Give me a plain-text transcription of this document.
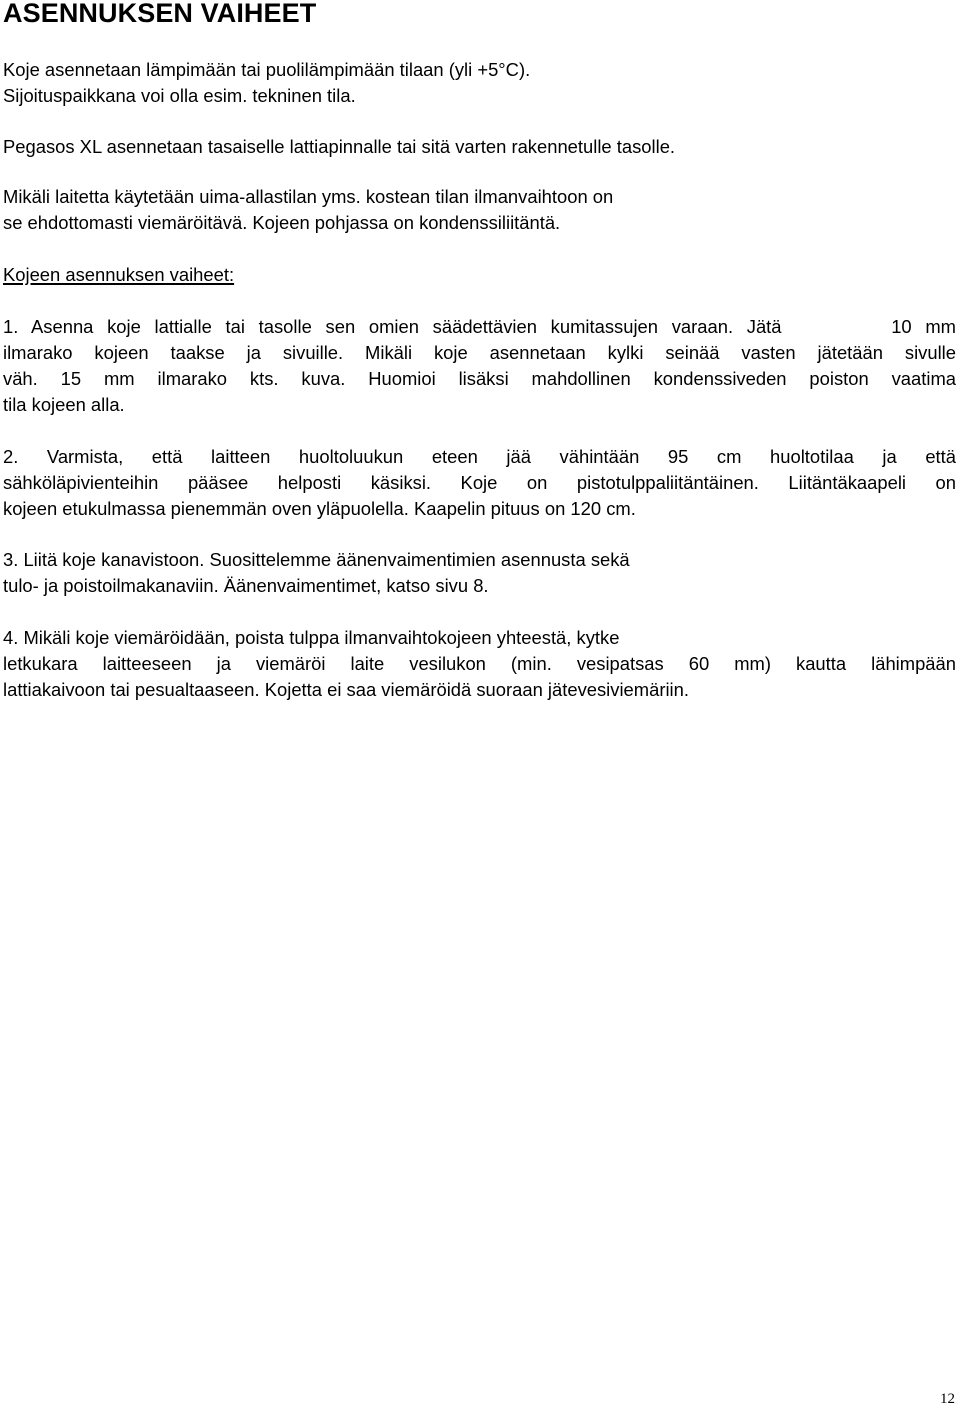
ASENNUKSEN VAIHEET

Koje asennetaan lämpimään tai puolilämpimään tilaan (yli +5°C).

Sijoituspaikkana voi olla esim. tekninen tila.

Pegasos XL asennetaan tasaiselle lattiapinnalle tai sitä varten rakennetulle tasolle.

Mikäli laitetta käytetään uima-allastilan yms. kostean tilan ilmanvaihtoon on

se ehdottomasti viemäröitävä. Kojeen pohjassa on kondenssiliitäntä.

Kojeen asennuksen vaiheet:

1. Asenna koje lattialle tai tasolle sen omien säädettävien kumitassujen varaan. Jätä        10 mm

ilmarako kojeen taakse ja sivuille. Mikäli koje asennetaan kylki seinää vasten jätetään sivulle

väh. 15 mm ilmarako kts. kuva. Huomioi lisäksi mahdollinen kondenssiveden poiston vaatima

tila kojeen alla.

2. Varmista, että laitteen huoltoluukun eteen jää vähintään 95 cm huoltotilaa ja että

sähköläpivienteihin pääsee helposti käsiksi. Koje on pistotulppaliitäntäinen. Liitäntäkaapeli on

kojeen etukulmassa pienemmän oven yläpuolella. Kaapelin pituus on 120 cm.

3. Liitä koje kanavistoon. Suosittelemme äänenvaimentimien asennusta sekä

tulo- ja poistoilmakanaviin. Äänenvaimentimet, katso sivu 8.

4. Mikäli koje viemäröidään, poista tulppa ilmanvaihtokojeen yhteestä, kytke

letkukara laitteeseen ja viemäröi laite vesilukon (min. vesipatsas 60 mm) kautta lähimpään

lattiakaivoon tai pesualtaaseen. Kojetta ei saa viemäröidä suoraan jätevesiviemäriin.

12
